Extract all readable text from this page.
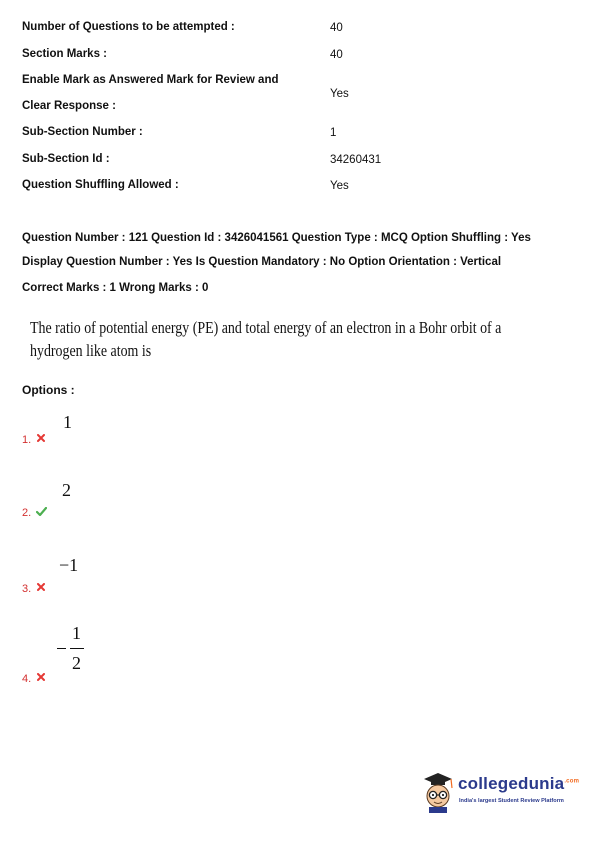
Number of Questions to be attempted :	40
Section Marks :	40
Enable Mark as Answered Mark for Review and
Clear Response :
Yes
Sub-Section Number :	1
Sub-Section Id :	34260431
Question Shuffling Allowed :	Yes
Question Number : 121 Question Id : 3426041561 Question Type : MCQ Option Shuffling : Yes
Display Question Number : Yes Is Question Mandatory : No Option Orientation : Vertical
Correct Marks : 1 Wrong Marks : 0
The ratio of potential energy (PE) and total energy of an electron in a Bohr orbit of a
hydrogen like atom is
Options :
1
1.
2
2.
−1
3.
1
2
4.
collegedunia$^{.com}$
India's largest Student Review Platform
